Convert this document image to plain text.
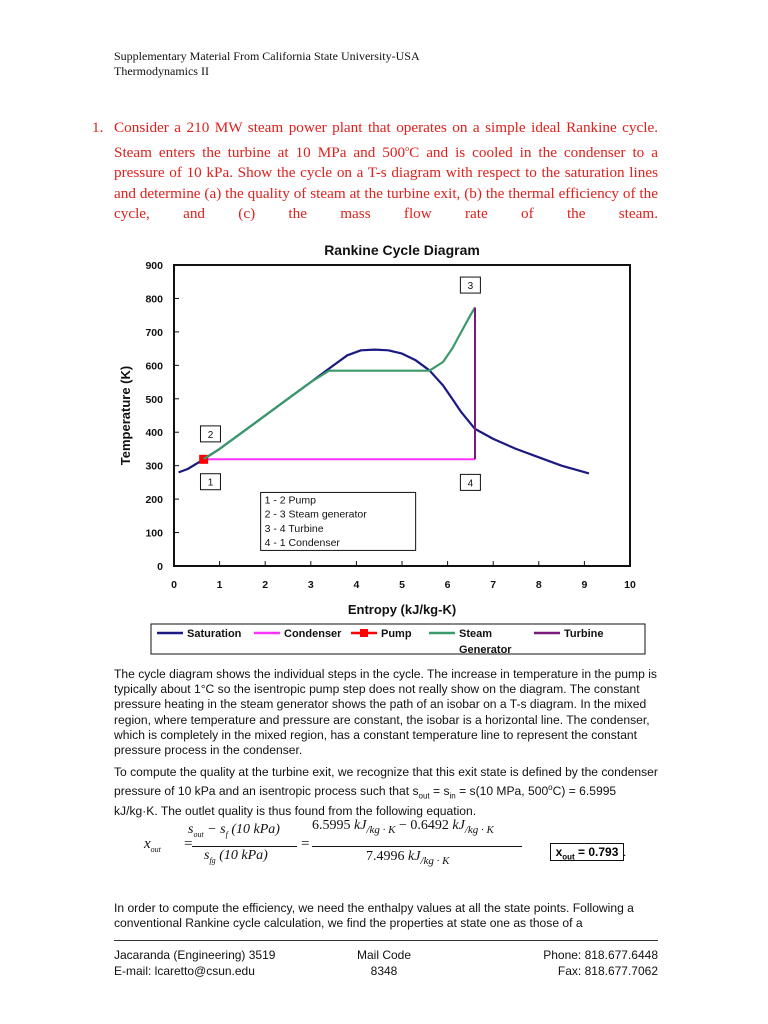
Supplementary Material From California State University-USA
Thermodynamics II
1. Consider a 210 MW steam power plant that operates on a simple ideal Rankine cycle. Steam enters the turbine at 10 MPa and 500$^o$C and is cooled in the condenser to a pressure of 10 kPa. Show the cycle on a T-s diagram with respect to the saturation lines and determine (a) the quality of steam at the turbine exit, (b) the thermal efficiency of the cycle, and (c) the mass flow rate of the steam.
Rankine Cycle Diagram
0
100
200
300
400
500
600
700
800
900
0	1	2	3	4	5	6	7	8	9	10
Entropy (kJ/kg-K)
Temperature (K)
1
2
3
4
1 - 2 Pump
2 - 3 Steam generator
3 - 4 Turbine
4 - 1 Condenser
Saturation	Condenser	Pump	Steam
Generator
Turbine
The cycle diagram shows the individual steps in the cycle. The increase in temperature in the pump is typically about 1°C so the isentropic pump step does not really show on the diagram. The constant pressure heating in the steam generator shows the path of an isobar on a T-s diagram. In the mixed region, where temperature and pressure are constant, the isobar is a horizontal line. The condenser, which is completely in the mixed region, has a constant temperature line to represent the constant pressure process in the condenser.
To compute the quality at the turbine exit, we recognize that this exit state is defined by the condenser pressure of 10 kPa and an isentropic process such that $s_{out} = s_{in} = s(10$ MPa, $500^oC) = 6.5995$ kJ/kg·K. The outlet quality is thus found from the following equation.
$x_{out}$ =
$s_{out} - s_f$ (10 kPa)
$s_{fg}$ (10 kPa)
=
6.5995 $kJ_{/kg \cdot K} - 0.6492$ $kJ_{/kg \cdot K}$
7.4996 $kJ_{/kg \cdot K}$
$x_{out} = 0.793$ .
In order to compute the efficiency, we need the enthalpy values at all the state points. Following a conventional Rankine cycle calculation, we find the properties at state one as those of a
Jacaranda (Engineering) 3519
E-mail: lcaretto@csun.edu
Mail Code
8348
Phone: 818.677.6448
Fax: 818.677.7062
